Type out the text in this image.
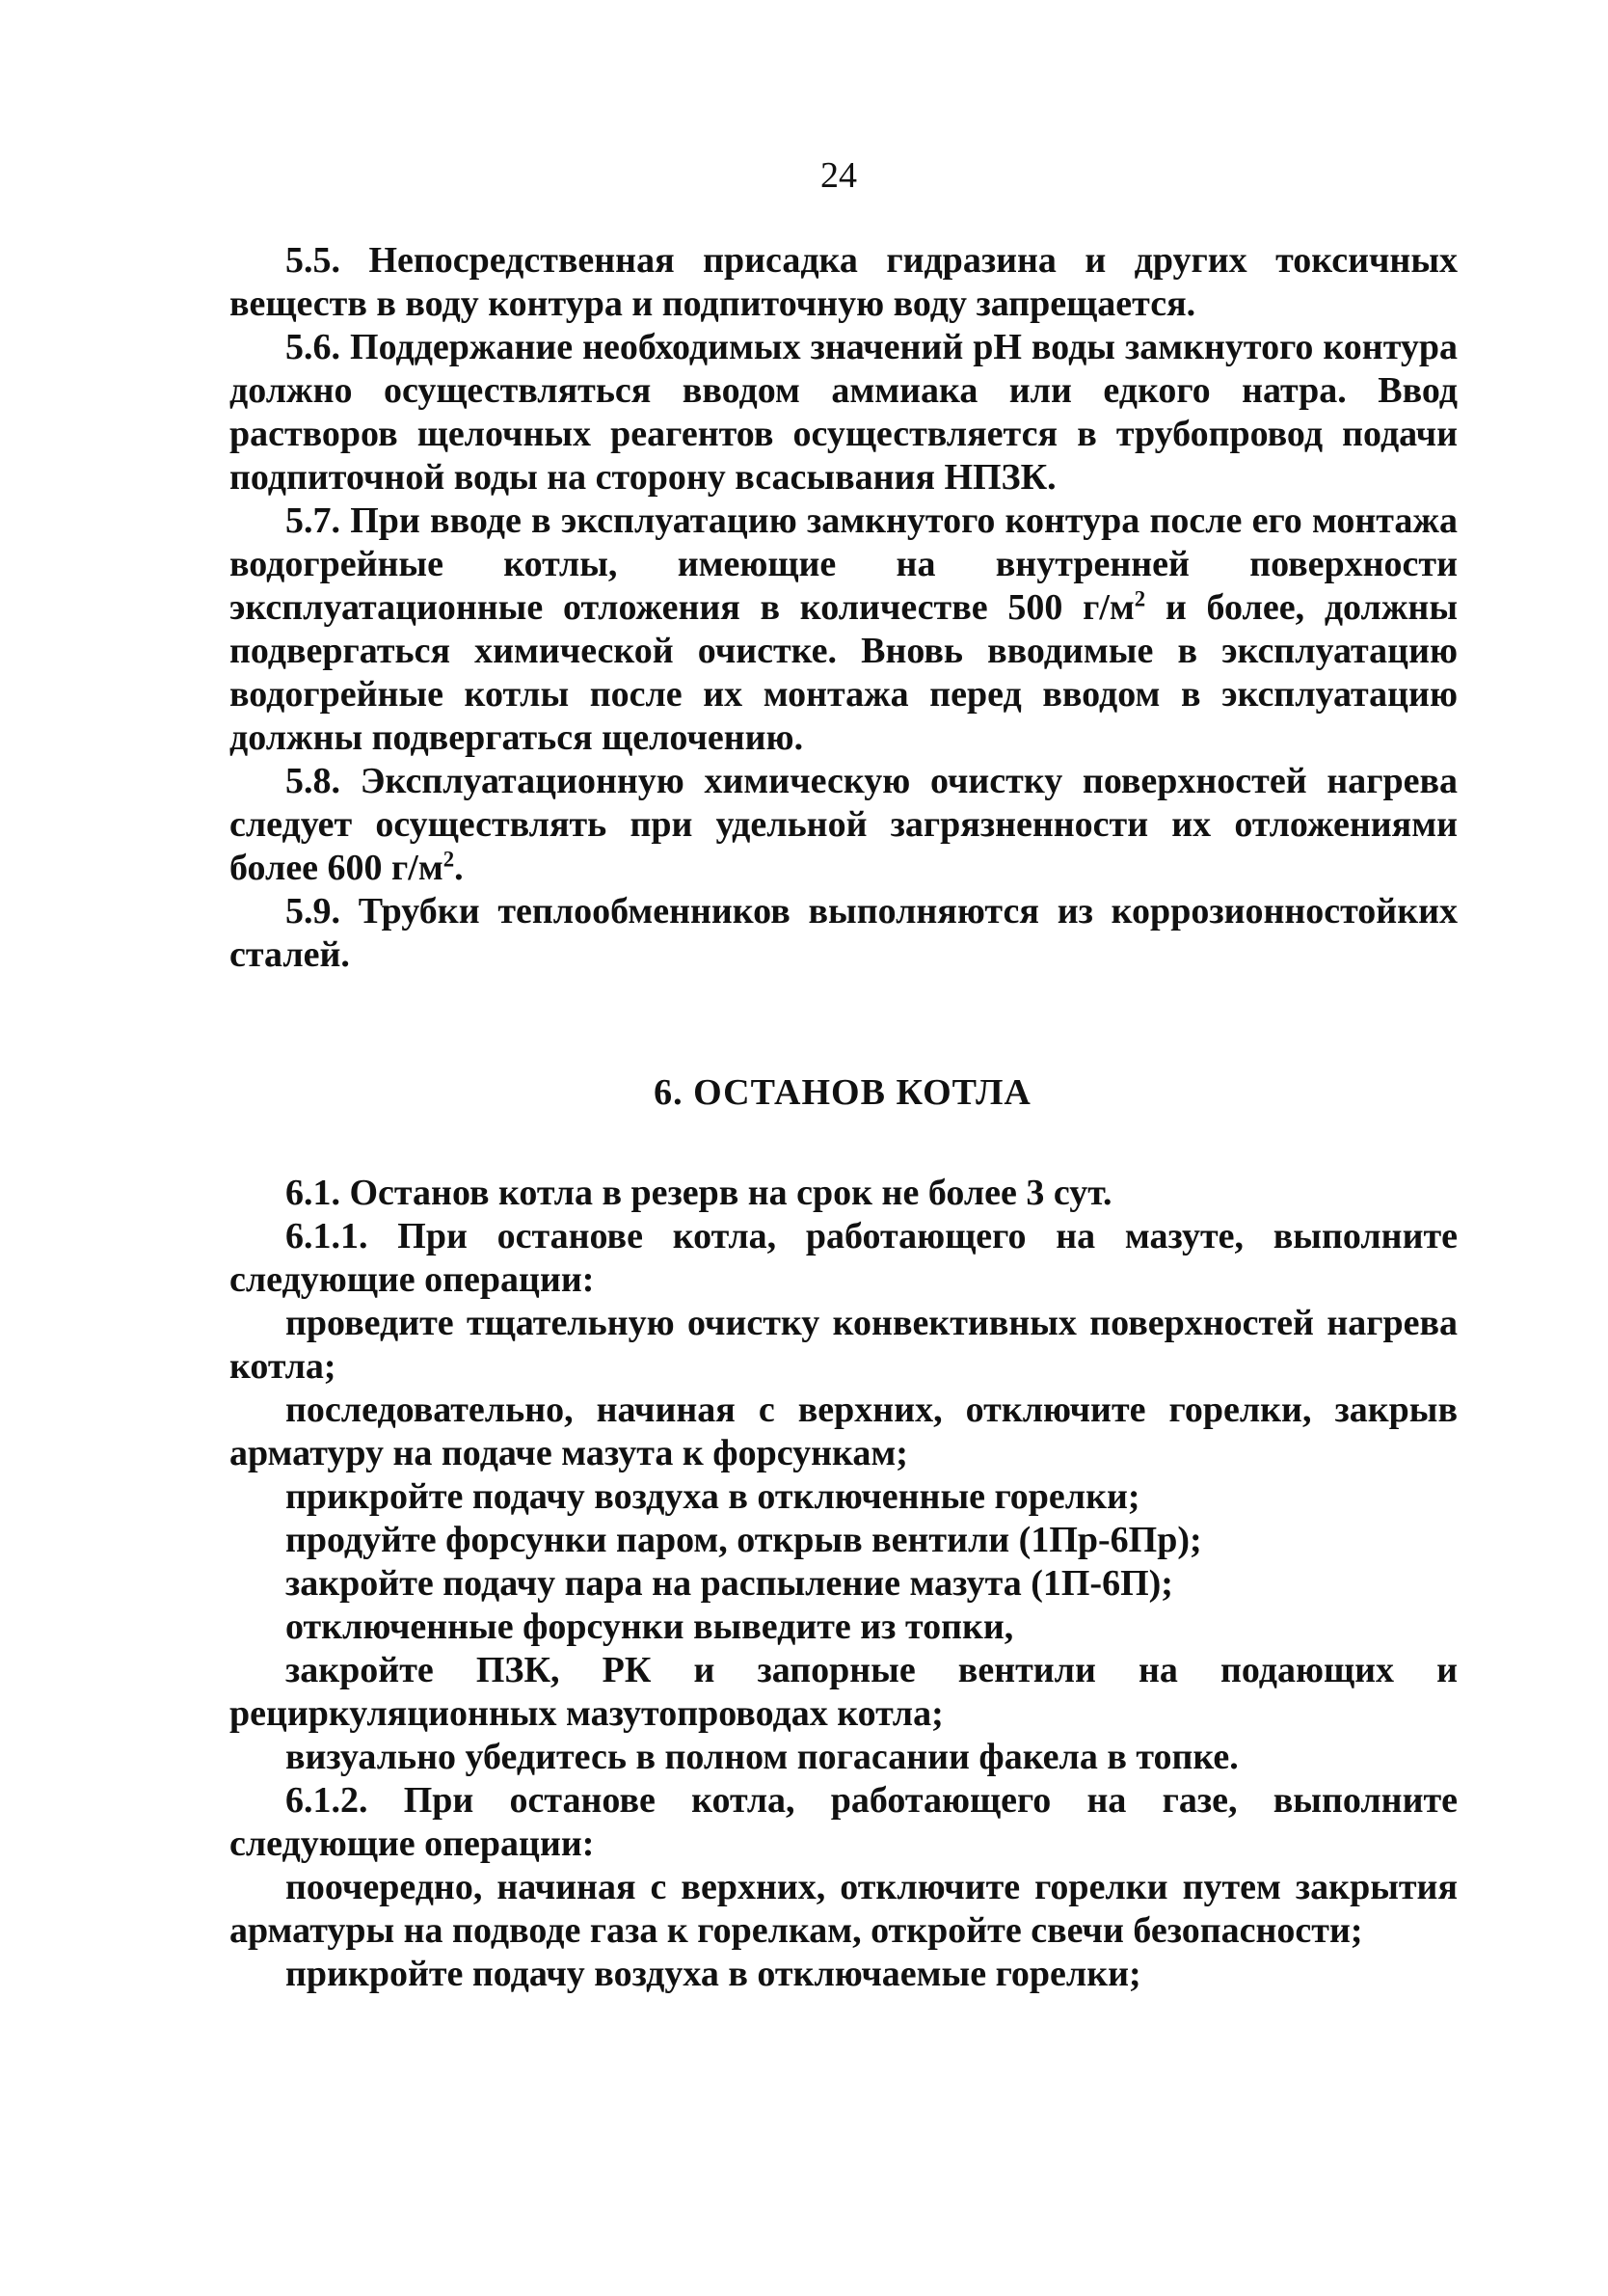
24

5.5. Непосредственная присадка гидразина и других токсичных веществ в воду контура и подпиточную воду запрещается.

5.6. Поддержание необходимых значений pH воды замкнутого контура должно осуществляться вводом аммиака или едкого натра. Ввод растворов щелочных реагентов осуществляется в трубопровод подачи подпиточной воды на сторону всасывания НПЗК.

5.7. При вводе в эксплуатацию замкнутого контура после его монтажа водогрейные котлы, имеющие на внутренней поверхности эксплуатационные отложения в количестве 500 $г/м^2$ и более, должны подвергаться химической очистке. Вновь вводимые в эксплуатацию водогрейные котлы после их монтажа перед вводом в эксплуатацию должны подвергаться щелочению.

5.8. Эксплуатационную химическую очистку поверхностей нагрева следует осуществлять при удельной загрязненности их отложениями более 600 $г/м^2$.

5.9. Трубки теплообменников выполняются из коррозионностойких сталей.

6. ОСТАНОВ КОТЛА

6.1. Останов котла в резерв на срок не более 3 сут.

6.1.1. При останове котла, работающего на мазуте, выполните следующие операции:

проведите тщательную очистку конвективных поверхностей нагрева котла;

последовательно, начиная с верхних, отключите горелки, закрыв арматуру на подаче мазута к форсункам;

прикройте подачу воздуха в отключенные горелки;

продуйте форсунки паром, открыв вентили (1Пр-6Пр);

закройте подачу пара на распыление мазута (1П-6П);

отключенные форсунки выведите из топки,

закройте ПЗК, РК и запорные вентили на подающих и рециркуляционных мазутопроводах котла;

визуально убедитесь в полном погасании факела в топке.

6.1.2. При останове котла, работающего на газе, выполните следующие операции:

поочередно, начиная с верхних, отключите горелки путем закрытия арматуры на подводе газа к горелкам, откройте свечи безопасности;

прикройте подачу воздуха в отключаемые горелки;
